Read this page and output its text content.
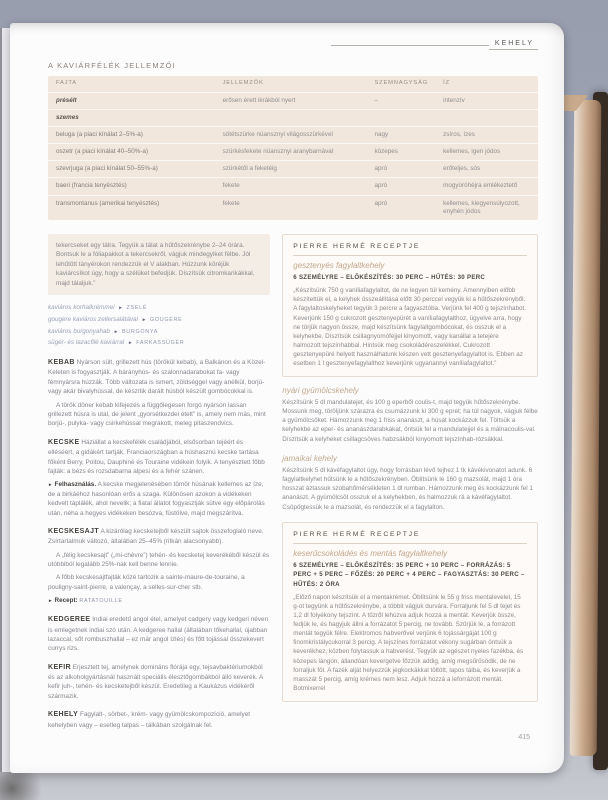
KEHELY
A KAVIÁRFÉLÉK JELLEMZŐI
FAJTA	JELLEMZŐK	SZEMNAGYSÁG	ÍZ
présélt	erősen érett ikrákból nyert	–	intenzív
szemes
beluga (a piaci kínálat 2–5%-a)	sötétszürke nüansznyi világosszürkével	nagy	zsíros, ízes
oszetr (a piaci kínálat 40–50%-a)	szürkésfekete nüansznyi aranybarnával	közepes	kellemes, igen jódos
szevrjuga (a piaci kínálat 50–55%-a)	szürkétől a feketéig	apró	erőteljes, sós
baeri (francia tenyésztés)	fekete	apró	mogyoróhéjra emlékeztető
transmontanus (amerikai tenyésztés)	fekete	apró	kellemes, kiegyensúlyozott, enyhén jódos
tekercseket egy tálra. Tegyük a tálat a hűtőszekrénybe 2–24 órára. Bontsuk le a fóliapakkot a tekercsekről, vágjuk mindegyiket félbe. Jól lehűtött tányérokon rendezzük el V alakban. Húzzunk köréjük kaviárcsíkot úgy, hogy a szélüket befedjük. Díszítsük citromkarikákkal, majd tálaljuk.”
kaviáros korhalkrémmel ► ZSELÉ
gougère kaviáros zellersalátával ► GOUGÈRE
kaviáros burgonyahab ► BURGONYA
sügér- és lazacfilé kaviárral ► FARKASSÜGÉR

KEBAB Nyárson sült, grillezett hús (törökül kebab), a Balkánon és a Közel-Keleten is fogyasztják. A bárányhús- és szalonnadarabokat fa- vagy fémnyársra húzzák. Több változata is ismert, zöldséggel vagy anélkül, borjú- vagy akár bivalyhússal, de készítik darált húsból készült gombócokkal is.

A török döner kebab kifejezés a függőlegesen forgó nyárson lassan grillezett húsra is utal, de jelent „gyorsétkezdei ételt” is, amely nem más, mint borjú-, pulyka- vagy csirkehússal megrakott, meleg pitaszendvics.

KECSKE Háziállat a kecskefélék családjából, elsősorban tejéért és elléséért, a gidákért tartják. Franciaországban a húshasznú kecske tartása főként Berry, Poitou, Dauphiné és Touraine vidékein folyik. A tenyésztett főbb fajták: a bézs és rozsdabarna alpesi és a fehér szánen.

► Felhasználás. A kecske megjelenésében tömör húsának kellemes az íze, de a birkáéhoz hasonlóan erős a szaga. Különösen azokon a vidékeken kedvelt táplálék, ahol nevelik; a fiatal állatot fogyasztják sütve egy előpárolás után, néha a hegyes vidékeken besózva, füstölve, majd megszárítva.

KECSKESAJT A kizárólag kecsketejből készült sajtok összefoglaló neve. Zsírtartalmuk változó, általában 25–45% (ritkán alacsonyabb).

A „félig kecskesajt” („mi-chèvre”) tehén- és kecsketej keverékéből készül és utóbbiból legalább 25%-nak kell benne lennie.

A főbb kecskesajtfajták közé tartozik a sainte-maure-de-touraine, a pouligny-saint-pierre, a valençay, a selles-sur-cher stb.

► Recept: RATATOUILLE

KEDGEREE Indiai eredetű angol étel, amelyet cadgery vagy kedgeri néven is emlegetnek indiai szó után. A kedgeree hallal (általában tőkehallal, újabban lazaccal, sőt rombuszhallal – ez már angol ízlés) és főtt tojással összekevert currys rizs.

KEFIR Erjesztett tej, amelynek domináns flórája egy, tejsavbaktériumokból és az alkoholgyártásnál használt speciális élesztőgombákból álló keverék. A kefir juh-, tehén- és kecsketejből készül. Eredetileg a Kaukázus vidékéről származik.

KEHELY Fagylalt-, sörbet-, krém- vagy gyümölcskompozíció, amelyet kehelyben vagy – esetleg talpas – tálkában szolgálnak fel.

PIERRE HERMÉ RECEPTJE
gesztenyés fagylaltkehely
6 SZEMÉLYRE – ELŐKÉSZÍTÉS: 30 PERC – HŰTÉS: 30 PERC
„Készítsünk 750 g vaníliafagylaltot, de ne legyen túl kemény. Amennyiben előbb készítettük el, a kelyhek összeállítása előtt 30 perccel vegyük ki a hűtőszekrényből. A fagylaltoskelyheket tegyük 3 percre a fagyasztóba. Verjünk fel 400 g tejszínhabot. Keverjünk 150 g cukrozott gesztenyepürét a vaníliafagylalthoz, ügyelve arra, hogy ne törjük nagyon össze, majd készítsünk fagylaltgombócokat, és osszuk el a kelyhekbe. Díszítsük csillagnyomófejjel kinyomott, vagy kanállal a tetejére halmozott tejszínhabbal. Hintsük meg csokoládéreszelékkel. Cukrozott gesztenyepüré helyett használhatunk készen vett gesztenyefagylaltot is. Ebben az esetben 1 l gesztenyefagylalthoz keverjünk ugyanannyi vaníliafagylaltot.”
nyári gyümölcskehely
Készítsünk 5 dl mandulatejet, és 100 g eperből coulis-t, majd tegyük hűtőszekrénybe. Mossunk meg, töröljünk szárazra és csumázzunk ki 300 g epret; ha túl nagyok, vágjuk félbe a gyümölcsöket. Hámozzunk meg 1 friss ananászt, a húsát kockázzuk fel. Töltsük a kelyhekbe az eper- és ananászdarabkákat, öntsük fel a mandulatejjel és a málnacoulis-val. Díszítsük a kelyheket csillagcsöves habzsákból kinyomott tejszínhab-rózsákkal.
jamaikai kehely
Készítsünk 5 dl kávéfagylaltot úgy, hogy forrásban lévő tejhez 1 tk kávékivonatot adunk. 6 fagylaltkelyhet hűtsünk le a hűtőszekrényben. Öblítsünk le 160 g mazsolát, majd 1 óra hosszat áztassuk szobahőmérsékleten 1 dl rumban. Hámozzunk meg és kockázzunk fel 1 ananászt. A gyümölcsöt osszuk el a kelyhekben, és halmozzuk rá a kávéfagylaltot. Csöpögtessük le a mazsolát, és rendezzük el a fagylalton.
PIERRE HERMÉ RECEPTJE
keserűcsokoládés és mentás fagylaltkehely
6 SZEMÉLYRE – ELŐKÉSZÍTÉS: 35 PERC + 10 PERC – FORRÁZÁS: 5 PERC + 5 PERC – FŐZÉS: 20 PERC + 4 PERC – FAGYASZTÁS: 30 PERC – HŰTÉS: 2 ÓRA
„Előző napon készítsük el a mentakrémet. Öblítsünk le 55 g friss mentalevelet, 15 g-ot tegyünk a hűtőszekrénybe, a többit vágjuk durvára. Forraljunk fel 5 dl tejet és 1,2 dl folyékony tejszínt. A tűzről lehúzva adjuk hozzá a mentát. Keverjük össze, fedjük le, és hagyjuk állni a forrázatot 5 percig, ne tovább. Szűrjük le, a forrázott mentát tegyük félre. Elektromos habverővel verjünk 6 tojássárgáját 100 g finomkristálycukorral 3 percig. A tejszínes forrázatot vékony sugárban öntsük a keverékhez, közben folytassuk a habverést. Tegyük az egészet nyeles fazékba, és közepes lángon, állandóan kevergetve főzzük addig, amíg megsűrűsödik, de ne forraljuk föl. A fazék alját helyezzük jégkockákkal töltött, lapos tálba, és keverjük a masszát 5 percig, amíg krémes nem lesz. Adjuk hozzá a leforrázott mentát. Botmixerrel
415
